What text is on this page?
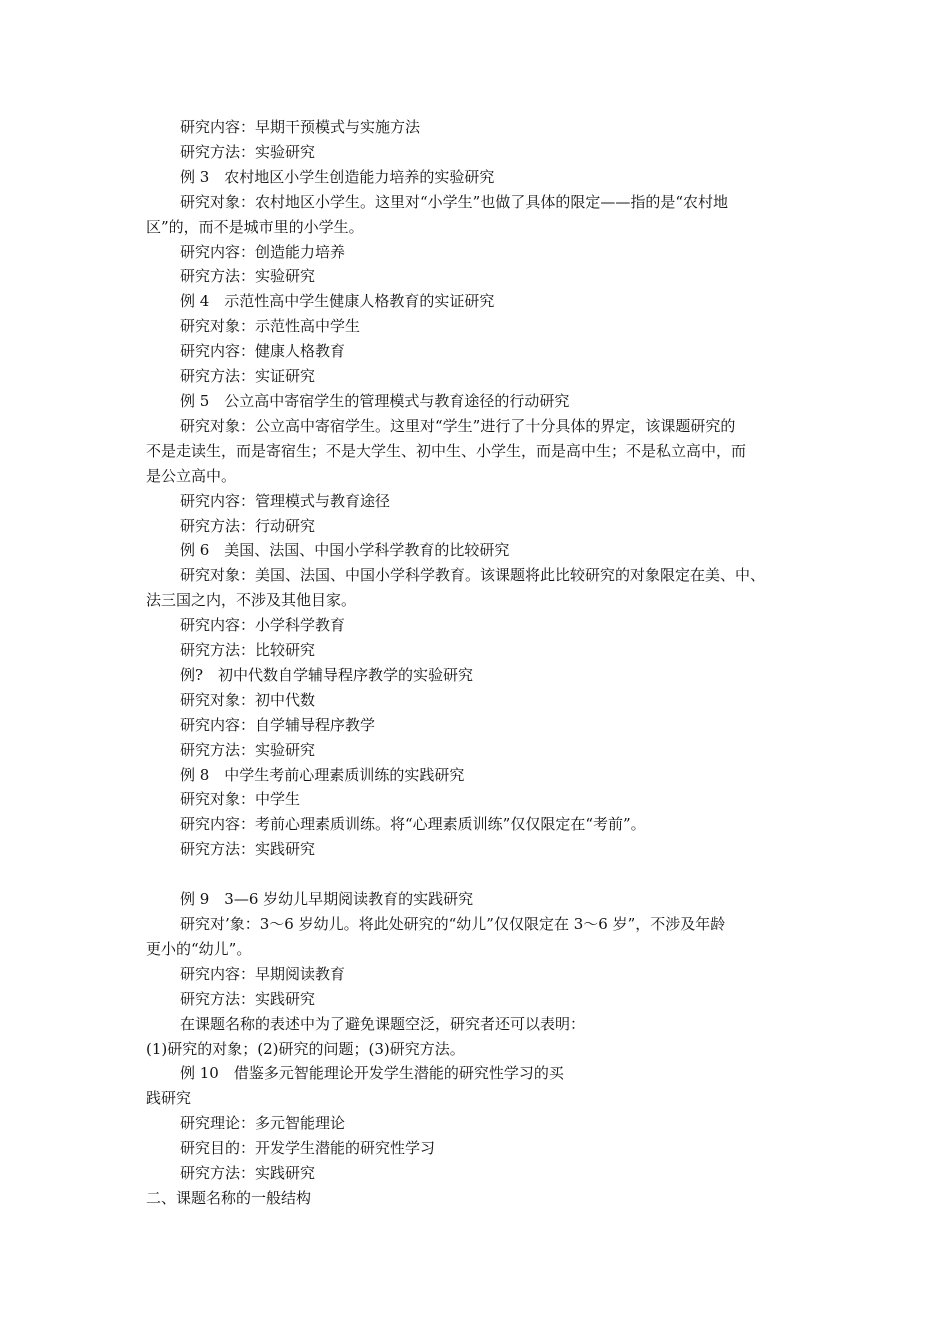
研究内容：早期干预模式与实施方法
研究方法：实验研究
例 3　农村地区小学生创造能力培养的实验研究
研究对象：农村地区小学生。这里对“小学生”也做了具体的限定——指的是“农村地
区”的，而不是城市里的小学生。
研究内容：创造能力培养
研究方法：实验研究
例 4　示范性高中学生健康人格教育的实证研究
研究对象：示范性高中学生
研究内容：健康人格教育
研究方法：实证研究
例 5　公立高中寄宿学生的管理模式与教育途径的行动研究
研究对象：公立高中寄宿学生。这里对“学生”进行了十分具体的界定，该课题研究的
不是走读生，而是寄宿生；不是大学生、初中生、小学生，而是高中生；不是私立高中，而
是公立高中。
研究内容：管理模式与教育途径
研究方法：行动研究
例 6　美国、法国、中国小学科学教育的比较研究
研究对象：美国、法国、中国小学科学教育。该课题将此比较研究的对象限定在美、中、
法三国之内，不涉及其他目家。
研究内容：小学科学教育
研究方法：比较研究
例?　初中代数自学辅导程序教学的实验研究
研究对象：初中代数
研究内容：自学辅导程序教学
研究方法：实验研究
例 8　中学生考前心理素质训练的实践研究
研究对象：中学生
研究内容：考前心理素质训练。将“心理素质训练”仅仅限定在“考前”。
研究方法：实践研究
例 9　3—6 岁幼儿早期阅读教育的实践研究
研究对’象：3～6 岁幼儿。将此处研究的“幼儿”仅仅限定在 3～6 岁”，不涉及年龄
更小的“幼儿”。
研究内容：早期阅读教育
研究方法：实践研究
在课题名称的表述中为了避免课题空泛，研究者还可以表明：
(1)研究的对象；(2)研究的问题；(3)研究方法。
例 10　借鉴多元智能理论开发学生潜能的研究性学习的买
践研究
研究理论：多元智能理论
研究目的：开发学生潜能的研究性学习
研究方法：实践研究
二、课题名称的一般结构
